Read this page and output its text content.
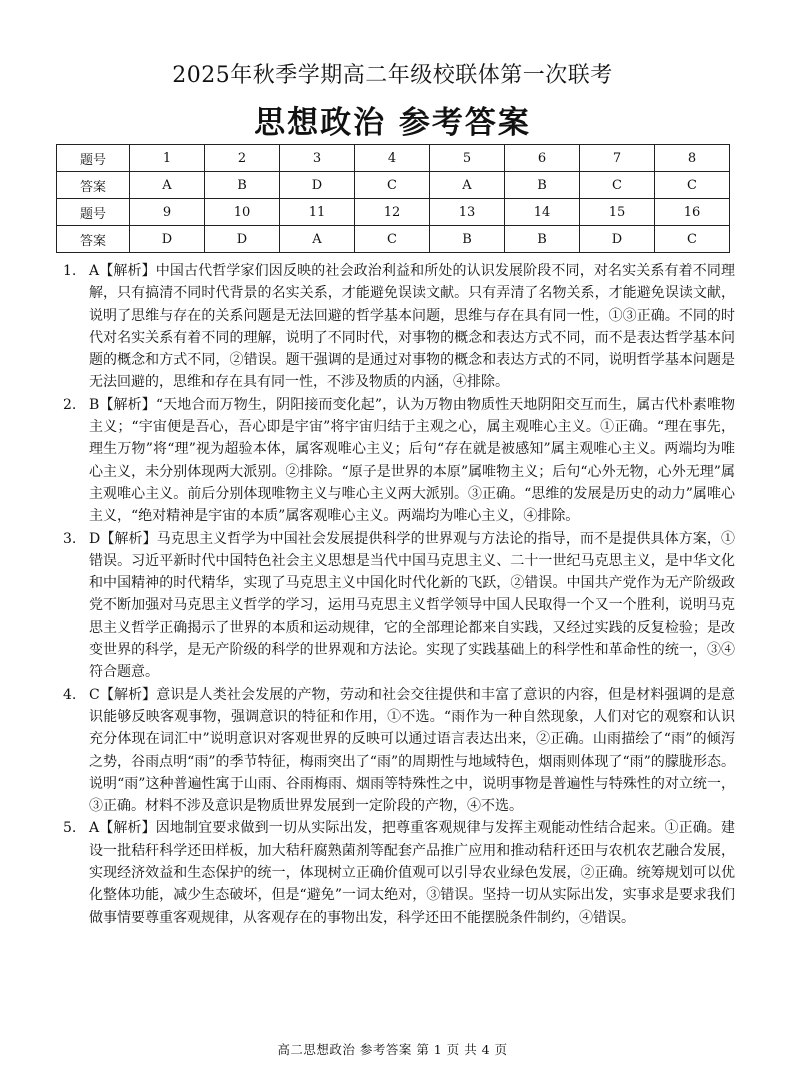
2025年秋季学期高二年级校联体第一次联考
思想政治 参考答案
题号	1	2	3	4	5	6	7	8
答案	A	B	D	C	A	B	C	C
题号	9	10	11	12	13	14	15	16
答案	D	D	A	C	B	B	D	C

1. A【解析】中国古代哲学家们因反映的社会政治利益和所处的认识发展阶段不同，对名实关系有着不同理解，只有搞清不同时代背景的名实关系，才能避免误读文献。只有弄清了名物关系，才能避免误读文献，说明了思维与存在的关系问题是无法回避的哲学基本问题，思维与存在具有同一性，①③正确。不同的时代对名实关系有着不同的理解，说明了不同时代，对事物的概念和表达方式不同，而不是表达哲学基本问题的概念和方式不同，②错误。题干强调的是通过对事物的概念和表达方式的不同，说明哲学基本问题是无法回避的，思维和存在具有同一性，不涉及物质的内涵，④排除。

2. B【解析】“天地合而万物生，阴阳接而变化起”，认为万物由物质性天地阴阳交互而生，属古代朴素唯物主义；“宇宙便是吾心，吾心即是宇宙”将宇宙归结于主观之心，属主观唯心主义。①正确。“理在事先，理生万物”将“理”视为超验本体，属客观唯心主义；后句“存在就是被感知”属主观唯心主义。两端均为唯心主义，未分别体现两大派别。②排除。“原子是世界的本原”属唯物主义；后句“心外无物，心外无理”属主观唯心主义。前后分别体现唯物主义与唯心主义两大派别。③正确。“思维的发展是历史的动力”属唯心主义，“绝对精神是宇宙的本质”属客观唯心主义。两端均为唯心主义，④排除。

3. D【解析】马克思主义哲学为中国社会发展提供科学的世界观与方法论的指导，而不是提供具体方案，①错误。习近平新时代中国特色社会主义思想是当代中国马克思主义、二十一世纪马克思主义，是中华文化和中国精神的时代精华，实现了马克思主义中国化时代化新的飞跃，②错误。中国共产党作为无产阶级政党不断加强对马克思主义哲学的学习，运用马克思主义哲学领导中国人民取得一个又一个胜利，说明马克思主义哲学正确揭示了世界的本质和运动规律，它的全部理论都来自实践，又经过实践的反复检验；是改变世界的科学，是无产阶级的科学的世界观和方法论。实现了实践基础上的科学性和革命性的统一，③④符合题意。

4. C【解析】意识是人类社会发展的产物，劳动和社会交往提供和丰富了意识的内容，但是材料强调的是意识能够反映客观事物，强调意识的特征和作用，①不选。“雨作为一种自然现象，人们对它的观察和认识充分体现在词汇中”说明意识对客观世界的反映可以通过语言表达出来，②正确。山雨描绘了“雨”的倾泻之势，谷雨点明“雨”的季节特征，梅雨突出了“雨”的周期性与地域特色，烟雨则体现了“雨”的朦胧形态。说明“雨”这种普遍性寓于山雨、谷雨梅雨、烟雨等特殊性之中，说明事物是普遍性与特殊性的对立统一，③正确。材料不涉及意识是物质世界发展到一定阶段的产物，④不选。

5. A【解析】因地制宜要求做到一切从实际出发，把尊重客观规律与发挥主观能动性结合起来。①正确。建设一批秸秆科学还田样板，加大秸秆腐熟菌剂等配套产品推广应用和推动秸秆还田与农机农艺融合发展，实现经济效益和生态保护的统一，体现树立正确价值观可以引导农业绿色发展，②正确。统筹规划可以优化整体功能，减少生态破坏，但是“避免”一词太绝对，③错误。坚持一切从实际出发，实事求是要求我们做事情要尊重客观规律，从客观存在的事物出发，科学还田不能摆脱条件制约，④错误。

高二思想政治 参考答案 第 1 页 共 4 页
